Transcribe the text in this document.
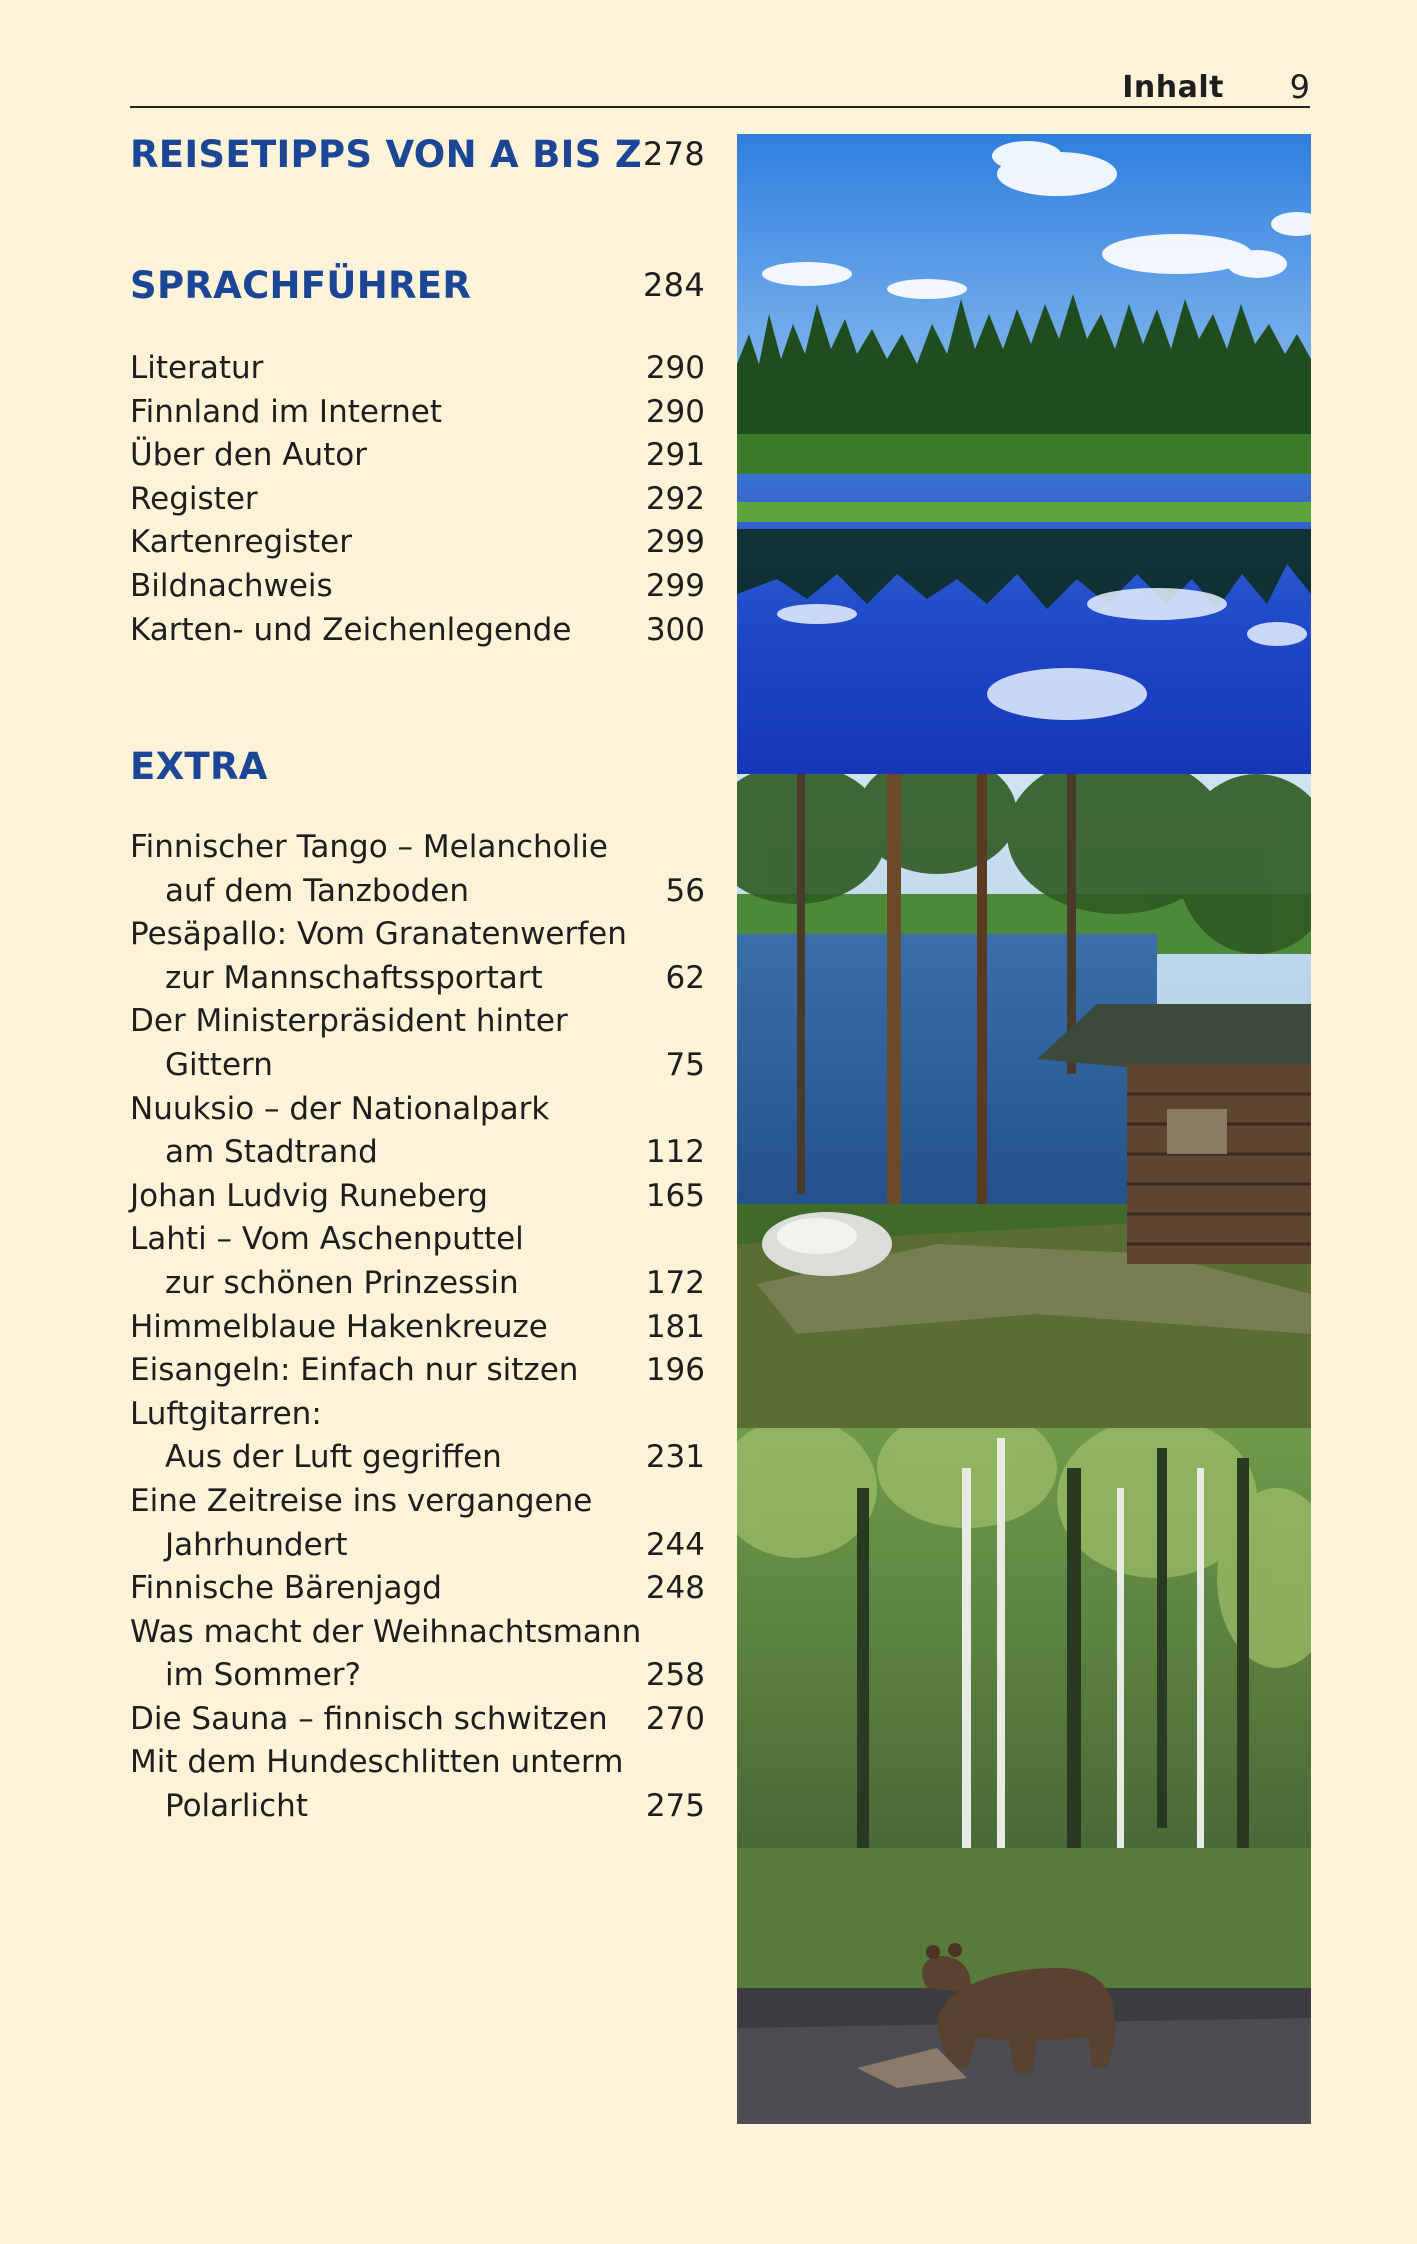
Inhalt 9
REISETIPPS VON A BIS Z 278
SPRACHFÜHRER	284
Literatur	290
Finnland im Internet	290
Über den Autor	291
Register	292
Kartenregister	299
Bildnachweis	299
Karten- und Zeichenlegende 300
EXTRA
Finnischer Tango – Melancholie
auf dem Tanzboden	56
Pesäpallo: Vom Granatenwerfen
zur Mannschaftssportart	62
Der Ministerpräsident hinter
Gittern	75
Nuuksio – der Nationalpark
am Stadtrand	112
Johan Ludvig Runeberg	165
Lahti – Vom Aschenputtel
zur schönen Prinzessin	172
Himmelblaue Hakenkreuze	181
Eisangeln: Einfach nur sitzen 196
Luftgitarren:
Aus der Luft gegriffen	231
Eine Zeitreise ins vergangene
Jahrhundert	244
Finnische Bärenjagd	248
Was macht der Weihnachtsmann
im Sommer?	258
Die Sauna – finnisch schwitzen 270
Mit dem Hundeschlitten unterm
Polarlicht	275
